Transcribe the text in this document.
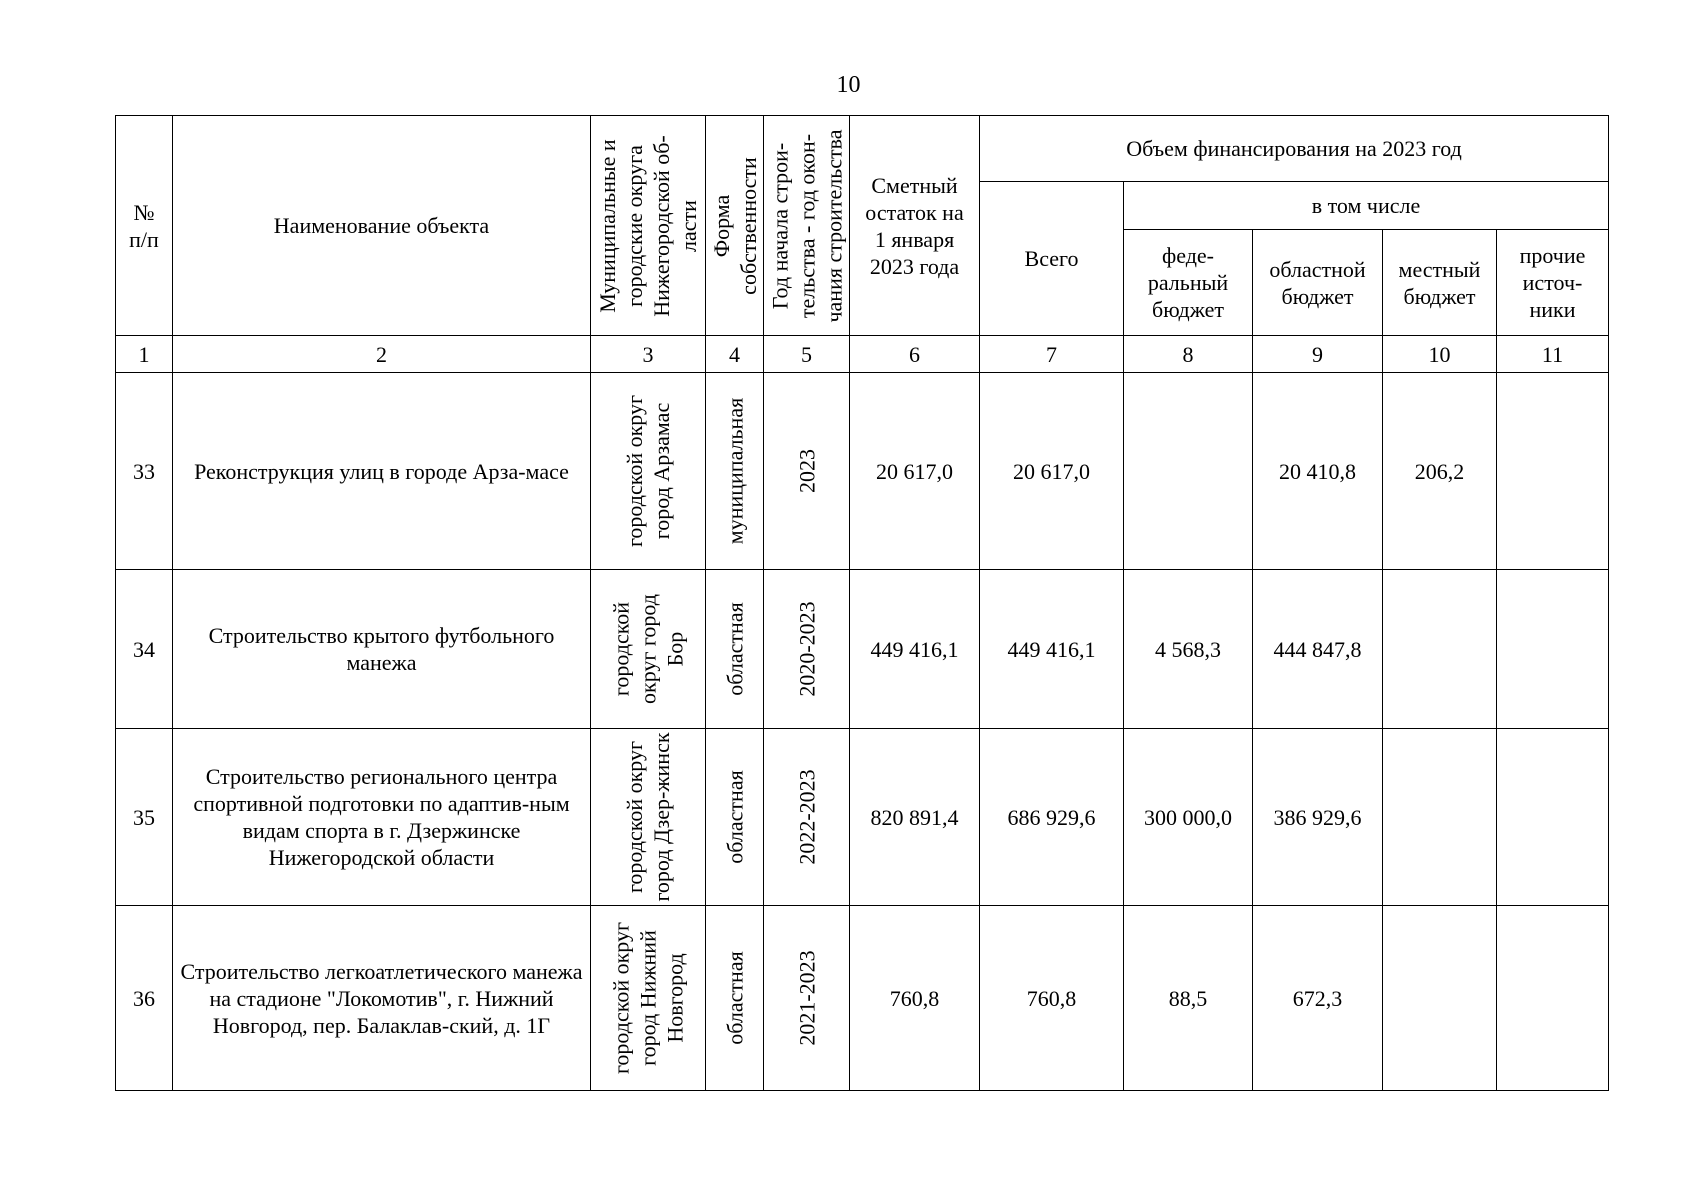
10
№ п/п	Наименование объекта	Муниципальные и городские округа Нижегородской об-ласти	Форма собственности	Год начала строи-тельства - год окон-чания строительства	Сметный остаток на 1 января 2023 года	Объем финансирования на 2023 год				
						Всего	в том числе			
							феде-ральный бюджет	областной бюджет	местный бюджет	прочие источ-ники
1	2	3	4	5	6	7	8	9	10	11
33	Реконструкция улиц в городе Арза-масе	городской округ город Арзамас	муниципальная	2023	20 617,0	20 617,0		20 410,8	206,2	
34	Строительство крытого футбольного манежа	городской округ город Бор	областная	2020-2023	449 416,1	449 416,1	4 568,3	444 847,8		
35	Строительство регионального центра спортивной подготовки по адаптив-ным видам спорта в г. Дзержинске Нижегородской области	городской округ город Дзер-жинск	областная	2022-2023	820 891,4	686 929,6	300 000,0	386 929,6		
36	Строительство легкоатлетического манежа на стадионе "Локомотив", г. Нижний Новгород, пер. Балаклав-ский, д. 1Г	городской округ город Нижний Новгород	областная	2021-2023	760,8	760,8	88,5	672,3		
